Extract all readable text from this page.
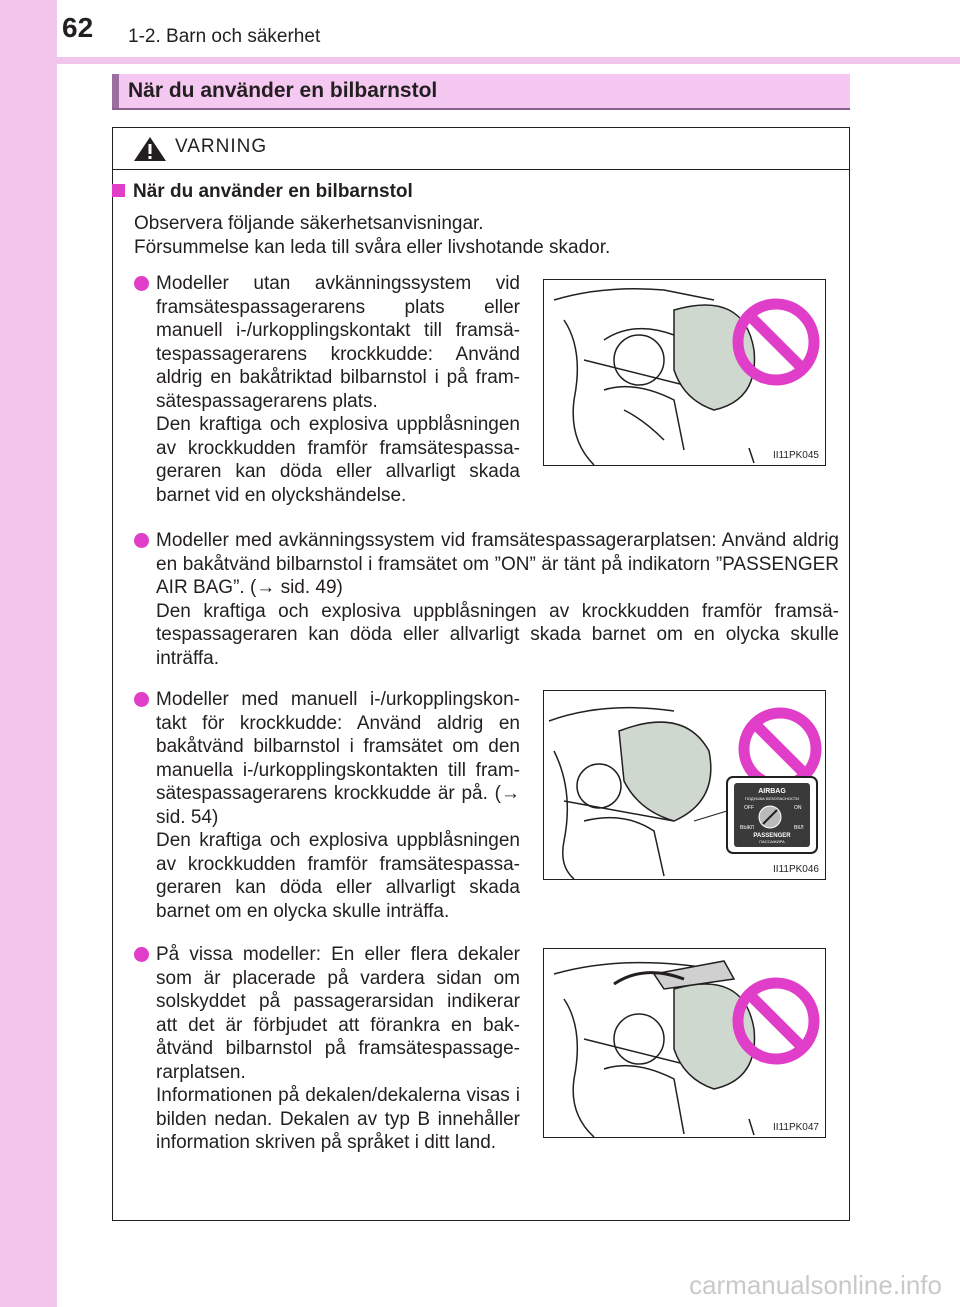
62 1-2. Barn och säkerhet
När du använder en bilbarnstol
VARNING
När du använder en bilbarnstol
Observera följande säkerhetsanvisningar.
Försummelse kan leda till svåra eller livshotande skador.

Modeller utan avkänningssystem vid framsätespassagerarens plats eller manuell i-/urkopplingskontakt till framsätespassagerarens krockkudde: Använd aldrig en bakåtriktad bilbarnstol i på framsätespassagerarens plats.

Den kraftiga och explosiva uppblåsningen av krockkudden framför framsätespassageraren kan döda eller allvarligt skada barnet vid en olyckshändelse.

II11PK045

Modeller med avkänningssystem vid framsätespassagerarplatsen: Använd aldrig en bakåtvänd bilbarnstol i framsätet om ”ON” är tänt på indikatorn ”PASSENGER AIR BAG”. (→ sid. 49)

Den kraftiga och explosiva uppblåsningen av krockkudden framför framsätespassageraren kan döda eller allvarligt skada barnet om en olycka skulle inträffa.

Modeller med manuell i-/urkopplingskontakt för krockkudde: Använd aldrig en bakåtvänd bilbarnstol i framsätet om den manuella i-/urkopplingskontakten till framsätespassagerarens krockkudde är på. (→ sid. 54)

Den kraftiga och explosiva uppblåsningen av krockkudden framför framsätespassageraren kan döda eller allvarligt skada barnet om en olycka skulle inträffa.

AIRBAG
ПОДУШКА БЕЗОПАСНОСТИ
OFF	ON
ВЫКЛ	ВКЛ
PASSENGER
ПАССАЖИРА
II11PK046

På vissa modeller: En eller flera dekaler som är placerade på vardera sidan om solskyddet på passagerarsidan indikerar att det är förbjudet att förankra en bakåtvänd bilbarnstol på framsätespassagerarplatsen.

Informationen på dekalen/dekalerna visas i bilden nedan. Dekalen av typ B innehåller information skriven på språket i ditt land.

II11PK047
carmanualsonline.info
